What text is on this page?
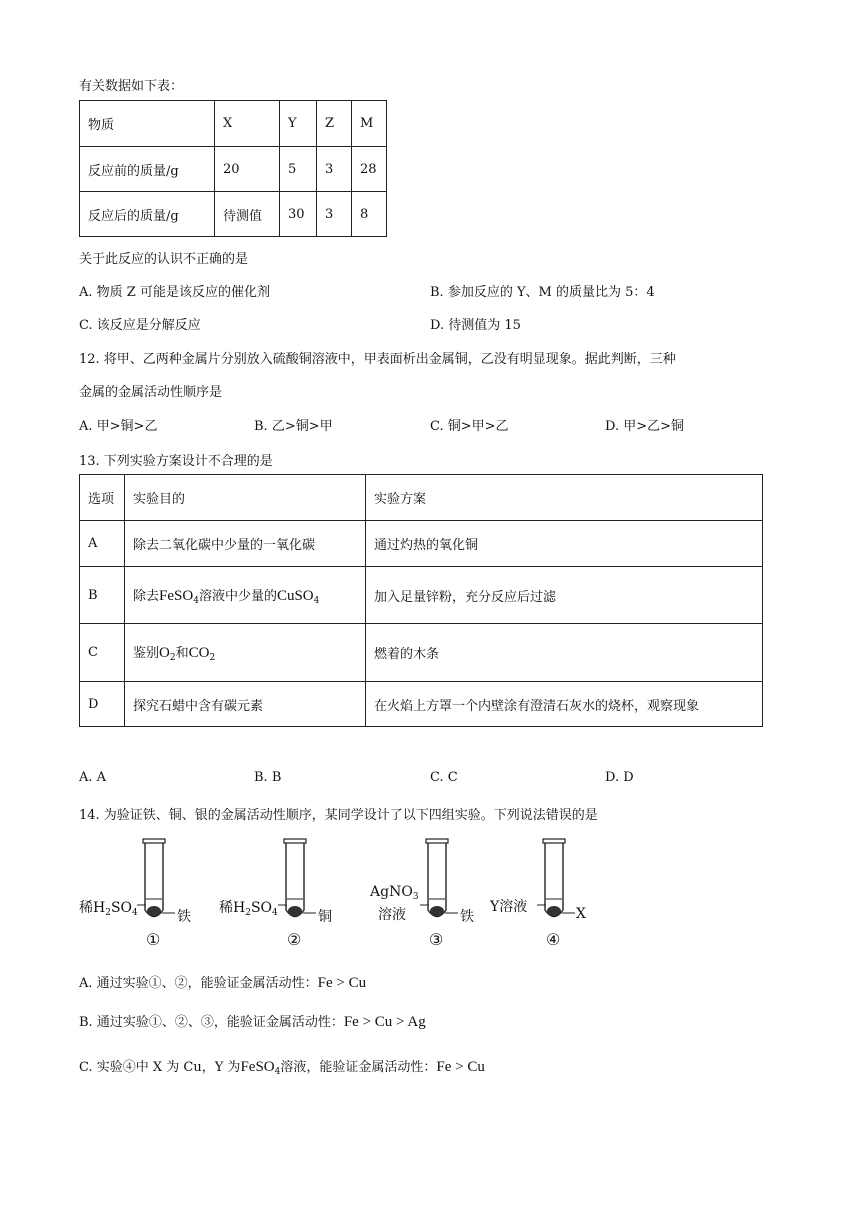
有关数据如下表：
物质	X	Y	Z	M
反应前的质量/g	20	5	3	28
反应后的质量/g	待测值	30	3	8
关于此反应的认识不正确的是
A. 物质 Z 可能是该反应的催化剂	B. 参加反应的 Y、M 的质量比为 5：4
C. 该反应是分解反应	D. 待测值为 15
12. 将甲、乙两种金属片分别放入硫酸铜溶液中，甲表面析出金属铜，乙没有明显现象。据此判断，三种
金属的金属活动性顺序是
A. 甲>铜>乙	B. 乙>铜>甲	C. 铜>甲>乙	D. 甲>乙>铜
13. 下列实验方案设计不合理的是
选项	实验目的	实验方案
A	除去二氧化碳中少量的一氧化碳	通过灼热的氧化铜
B	除去FeSO$_4$溶液中少量的CuSO$_4$	加入足量锌粉，充分反应后过滤
C	鉴别$O_2$和$CO_2$	燃着的木条
D	探究石蜡中含有碳元素	在火焰上方罩一个内壁涂有澄清石灰水的烧杯，观察现象
A. A	B. B	C. C	D. D
14. 为验证铁、铜、银的金属活动性顺序，某同学设计了以下四组实验。下列说法错误的是
稀$H_2SO_4$	铁
①
稀$H_2SO_4$	铜
②
AgNO$_3$
溶液	铁
③
Y溶液	X
④
A. 通过实验①、②，能验证金属活动性：Fe > Cu
B. 通过实验①、②、③，能验证金属活动性：Fe > Cu > Ag
C. 实验④中 X 为 Cu，Y 为FeSO$_4$溶液，能验证金属活动性：Fe > Cu
